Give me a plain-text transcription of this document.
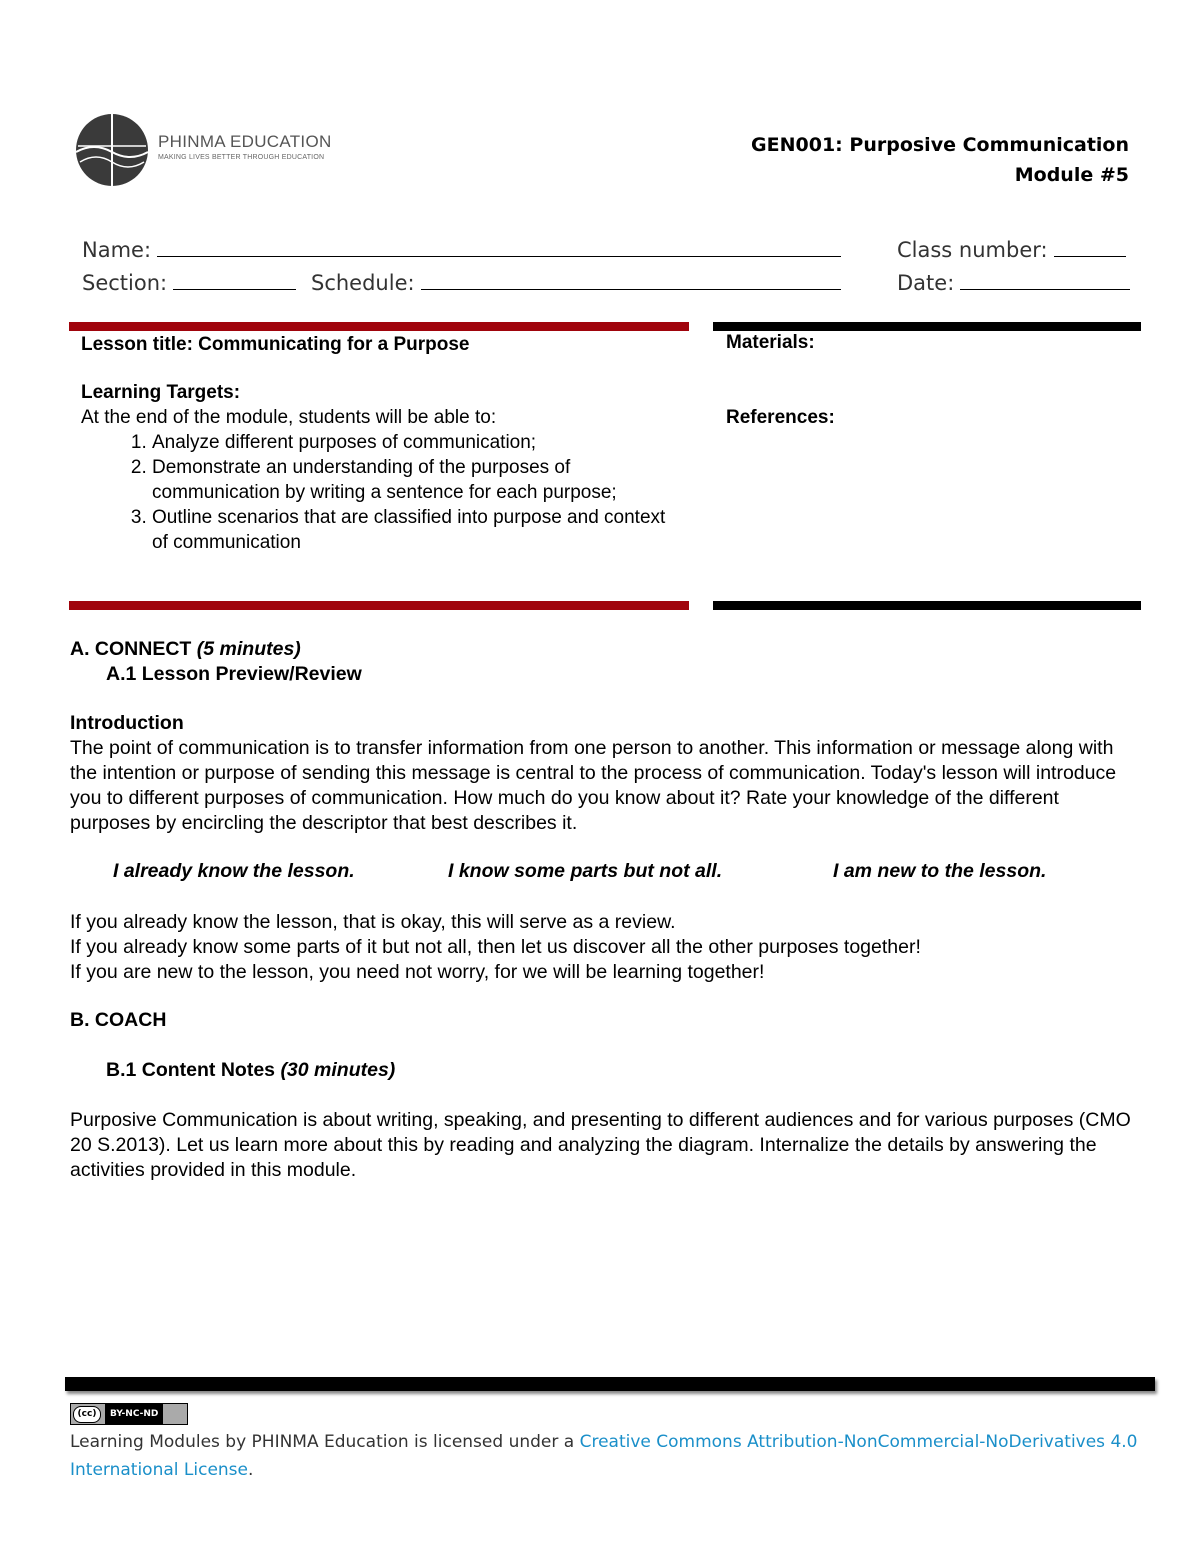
PHINMA EDUCATION
MAKING LIVES BETTER THROUGH EDUCATION
GEN001: Purposive Communication
Module #5
Name:	Class number:
Section:	Schedule:	Date:
Lesson title: Communicating for a Purpose
Learning Targets:
At the end of the module, students will be able to:
1. Analyze different purposes of communication;
2. Demonstrate an understanding of the purposes of communication by writing a sentence for each purpose;
3. Outline scenarios that are classified into purpose and context of communication
Materials:
References:
A. CONNECT (5 minutes)
A.1 Lesson Preview/Review
Introduction
The point of communication is to transfer information from one person to another. This information or message along with the intention or purpose of sending this message is central to the process of communication. Today's lesson will introduce you to different purposes of communication. How much do you know about it? Rate your knowledge of the different purposes by encircling the descriptor that best describes it.
I already know the lesson.	I know some parts but not all.	I am new to the lesson.
If you already know the lesson, that is okay, this will serve as a review.
If you already know some parts of it but not all, then let us discover all the other purposes together!
If you are new to the lesson, you need not worry, for we will be learning together!
B. COACH
B.1 Content Notes (30 minutes)
Purposive Communication is about writing, speaking, and presenting to different audiences and for various purposes (CMO 20 S.2013). Let us learn more about this by reading and analyzing the diagram. Internalize the details by answering the activities provided in this module.
(cc)	BY-NC-ND
Learning Modules by PHINMA Education is licensed under a Creative Commons Attribution-NonCommercial-NoDerivatives 4.0 International License.
